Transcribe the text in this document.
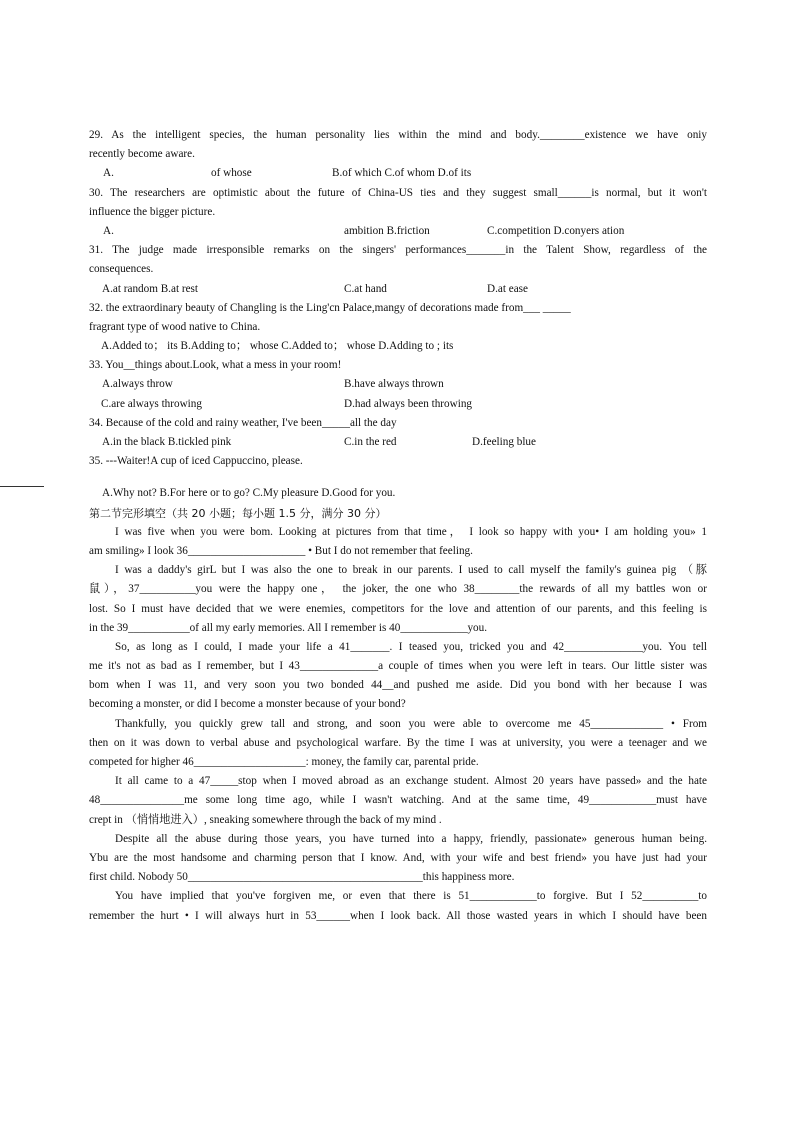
29. As the intelligent species, the human personality lies within the mind and body.________existence we have oniy
recently become aware.
A.	of whose	B.of which C.of whom D.of its
30. The researchers are optimistic about the future of China-US ties and they suggest small______is normal, but it won't
influence the bigger picture.
A.	ambition B.friction	C.competition D.conyers ation
31. The judge made irresponsible remarks on the singers' performances_______in the Talent Show, regardless of the
consequences.
A.at random B.at rest	C.at hand	D.at ease
32. the extraordinary beauty of Changling is the Ling'cn Palace,mangy of decorations made from___ _____
fragrant type of wood native to China.
A.Added to； its B.Adding to； whose C.Added to； whose D.Adding to ; its
33. You__things about.Look, what a mess in your room!
A.always throw	B.have always thrown
C.are always throwing	D.had always been throwing
34. Because of the cold and rainy weather, I've been_____all the day
A.in the black B.tickled pink	C.in the red	D.feeling blue
35. ---Waiter!A cup of iced Cappuccino, please.
A.Why not? B.For here or to go? C.My pleasure D.Good for you.
第二节完形填空（共 20 小题；每小题 1.5 分，满分 30 分）
I was five when you were bom. Looking at pictures from that time， I look so happy with you• I am holding you» 1
am smiling» I look 36_____________________ • But I do not remember that feeling.
I was a daddy's girL but I was also the one to break in our parents. I used to call myself the family's guinea pig （豚
鼠），37__________you were the happy one， the joker, the one who 38________the rewards of all my battles won or
lost. So I must have decided that we were enemies, competitors for the love and attention of our parents, and this feeling is
in the 39___________of all my early memories. All I remember is 40____________you.
So, as long as I could, I made your life a 41_______. I teased you, tricked you and 42______________you. You tell
me it's not as bad as I remember, but I 43______________a couple of times when you were left in tears. Our little sister was
bom when I was 11, and very soon you two bonded 44__and pushed me aside. Did you bond with her because I was
becoming a monster, or did I become a monster because of your bond?
Thankfully, you quickly grew tall and strong, and soon you were able to overcome me 45_____________ • From
then on it was down to verbal abuse and psychological warfare. By the time I was at university, you were a teenager and we
competed for higher 46____________________: money, the family car, parental pride.
It all came to a 47_____stop when I moved abroad as an exchange student. Almost 20 years have passed» and the hate
48_______________me some long time ago, while I wasn't watching. And at the same time, 49____________must have
crept in （悄悄地进入）, sneaking somewhere through the back of my mind .
Despite all the abuse during those years, you have turned into a happy, friendly, passionate» generous human being.
Ybu are the most handsome and charming person that I know. And, with your wife and best friend» you have just had your
first child. Nobody 50__________________________________________this happiness more.
You have implied that you've forgiven me, or even that there is 51____________to forgive. But I 52__________to
remember the hurt • I will always hurt in 53______when I look back. All those wasted years in which I should have been
